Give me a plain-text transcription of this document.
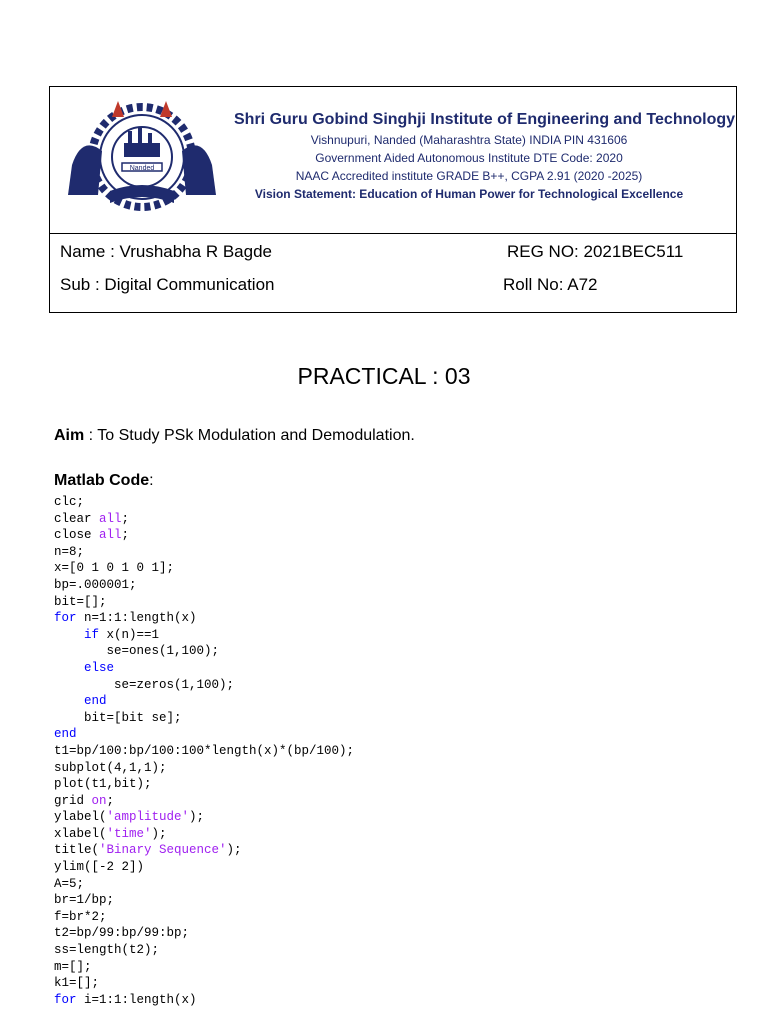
Nanded
Shri Guru Gobind Singhji Institute of Engineering and Technology
Vishnupuri, Nanded (Maharashtra State) INDIA PIN 431606
Government Aided Autonomous Institute DTE Code: 2020
NAAC Accredited institute GRADE B++, CGPA 2.91 (2020 -2025)
Vision Statement: Education of Human Power for Technological Excellence
Name : Vrushabha R Bagde	REG NO: 2021BEC511
Sub : Digital Communication	Roll No: A72
PRACTICAL : 03
Aim : To Study PSk Modulation and Demodulation.
Matlab Code:
clc;
clear all;
close all;
n=8;
x=[0 1 0 1 0 1];
bp=.000001;
bit=[];
for n=1:1:length(x)
if x(n)==1
se=ones(1,100);
else
se=zeros(1,100);
end
bit=[bit se];
end
t1=bp/100:bp/100:100*length(x)*(bp/100);
subplot(4,1,1);
plot(t1,bit);
grid on;
ylabel('amplitude');
xlabel('time');
title('Binary Sequence');
ylim([-2 2])
A=5;
br=1/bp;
f=br*2;
t2=bp/99:bp/99:bp;
ss=length(t2);
m=[];
k1=[];
for i=1:1:length(x)
